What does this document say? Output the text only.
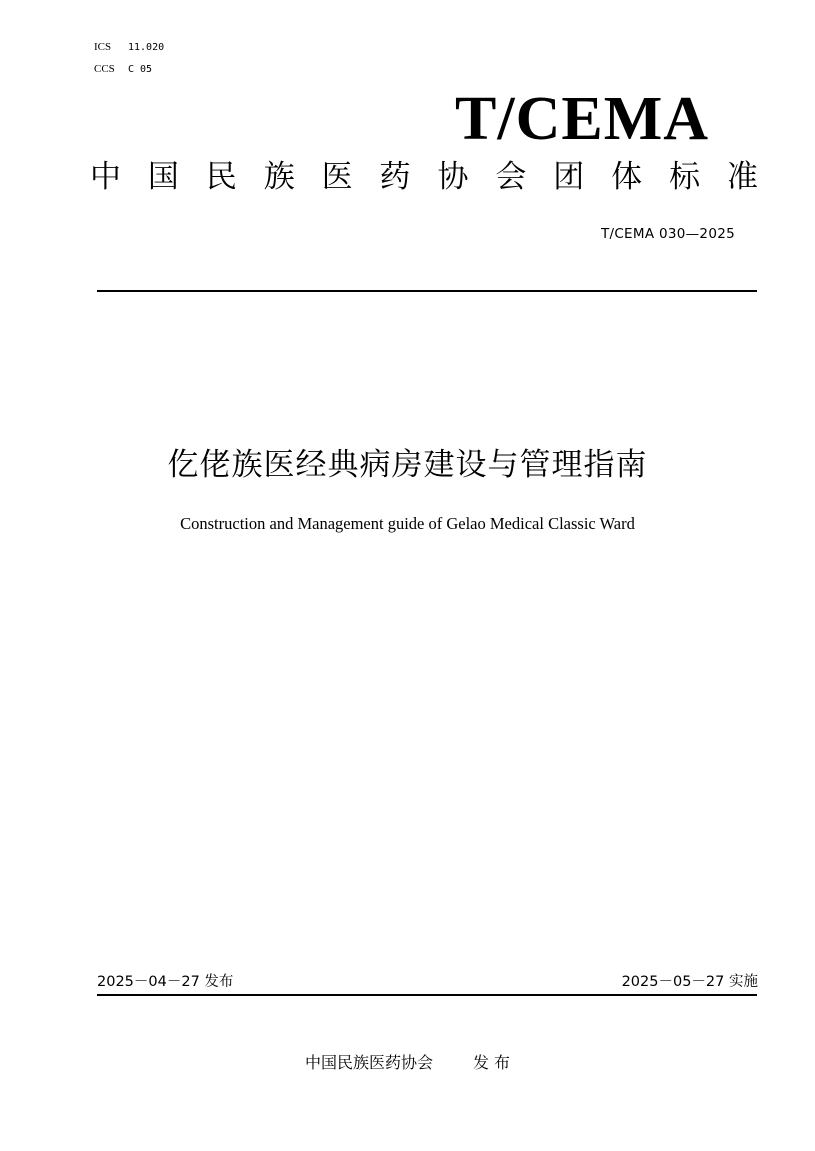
ICS 11.020
CCS C 05
T/CEMA
中 国 民 族 医 药 协 会 团 体 标 准
T/CEMA 030—2025
仡佬族医经典病房建设与管理指南
Construction and Management guide of Gelao Medical Classic Ward
2025－04－27 发布	2025－05－27 实施
中国民族医药协会	发 布
